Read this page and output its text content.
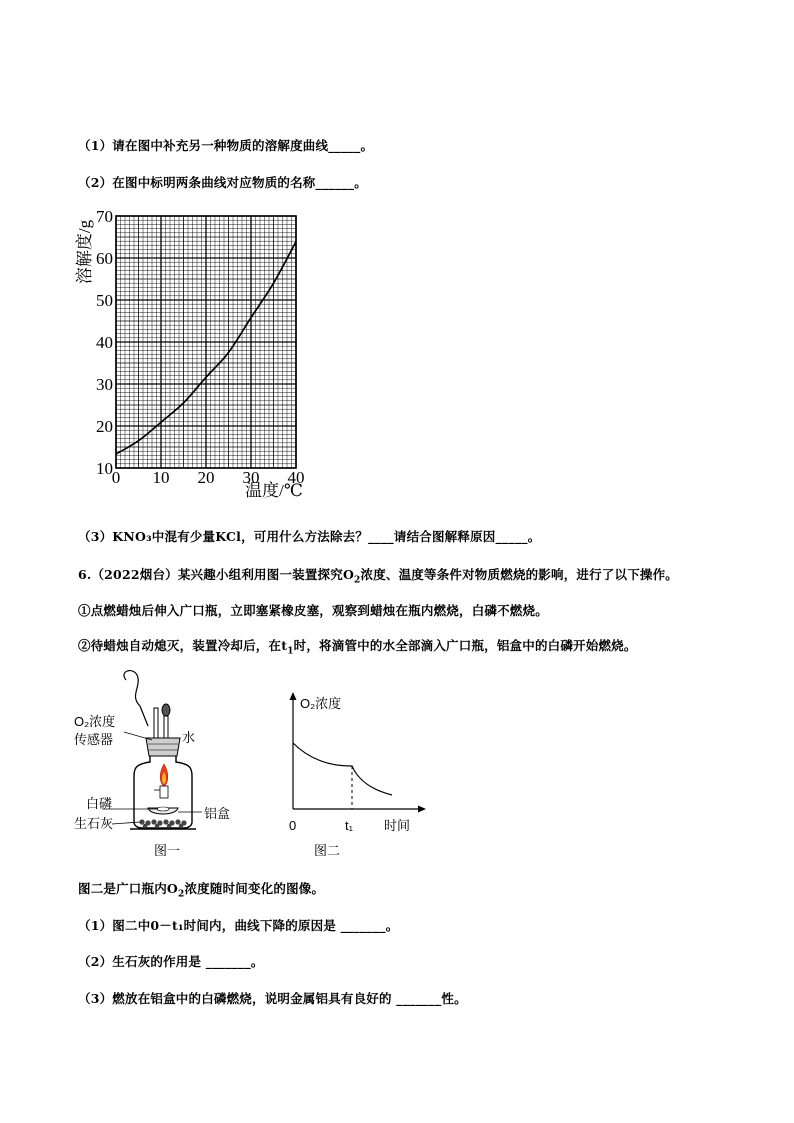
（1）请在图中补充另一种物质的溶解度曲线_____。
（2）在图中标明两条曲线对应物质的名称______。
10
20
30
40
50
60
70
0 10 20 30 40
溶解度/g
温度/℃
（3）KNO₃中混有少量KCl，可用什么方法除去？____请结合图解释原因_____。
6.（2022烟台）某兴趣小组利用图一装置探究$O_2$浓度、温度等条件对物质燃烧的影响，进行了以下操作。
①点燃蜡烛后伸入广口瓶，立即塞紧橡皮塞，观察到蜡烛在瓶内燃烧，白磷不燃烧。
②待蜡烛自动熄灭，装置冷却后，在$t_1$时，将滴管中的水全部滴入广口瓶，铝盒中的白磷开始燃烧。
O₂浓度
传感器	水
白磷
生石灰
铝盒
图一
O₂浓度
0	t₁ 时间
图二
图二是广口瓶内$O_2$浓度随时间变化的图像。
（1）图二中0－t₁时间内，曲线下降的原因是 _______。
（2）生石灰的作用是 _______。
（3）燃放在铝盒中的白磷燃烧，说明金属铝具有良好的 _______性。
